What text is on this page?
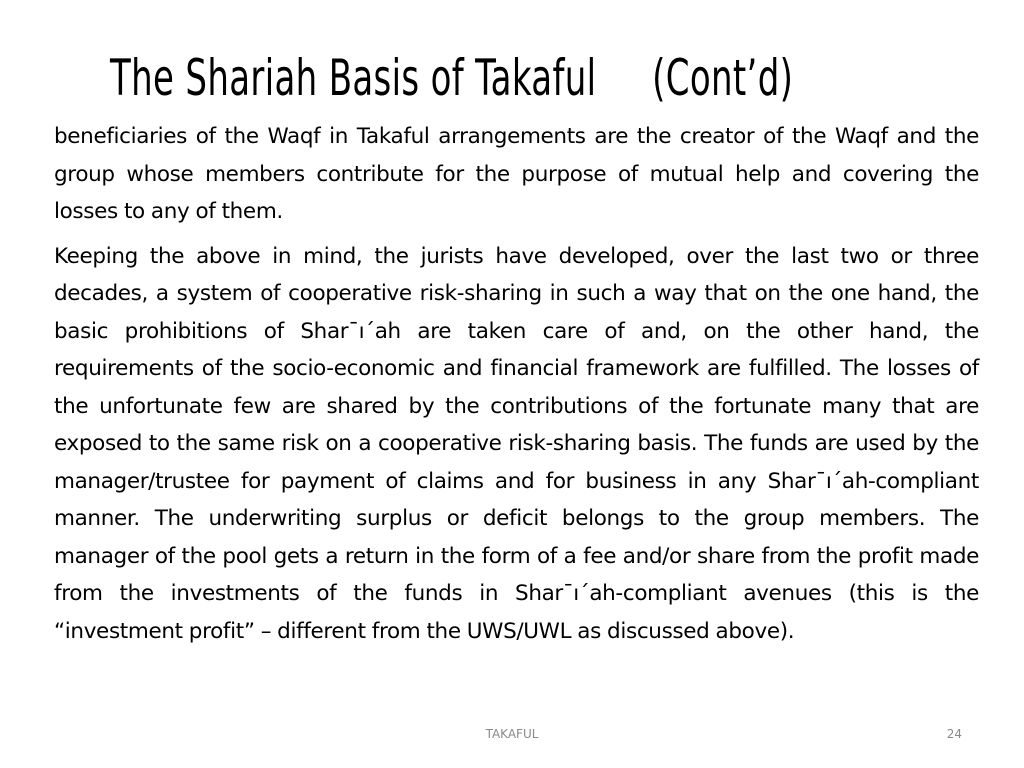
The Shariah Basis of Takaful     (Cont’d)

beneficiaries of the Waqf in Takaful arrangements are the creator of the Waqf and the group whose members contribute for the purpose of mutual help and covering the losses to any of them.

Keeping the above in mind, the jurists have developed, over the last two or three decades, a system of cooperative risk-sharing in such a way that on the one hand, the basic prohibitions of Shar¯ı´ah are taken care of and, on the other hand, the requirements of the socio-economic and financial framework are fulfilled. The losses of the unfortunate few are shared by the contributions of the fortunate many that are exposed to the same risk on a cooperative risk-sharing basis. The funds are used by the manager/trustee for payment of claims and for business in any Shar¯ı´ah-compliant manner. The underwriting surplus or deficit belongs to the group members. The manager of the pool gets a return in the form of a fee and/or share from the profit made from the investments of the funds in Shar¯ı´ah-compliant avenues (this is the “investment profit” – different from the UWS/UWL as discussed above).

TAKAFUL	24
